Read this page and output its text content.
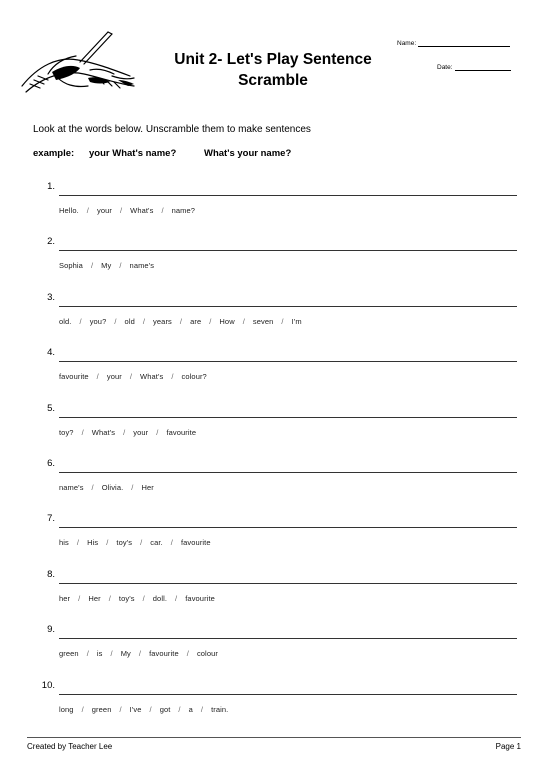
Unit 2- Let's Play Sentence Scramble
Name:
Date:
Look at the words below. Unscramble them to make sentences
example: your What's name?	What's your name?
1.
Hello. / your / What's / name?
2.
Sophia / My / name's
3.
old. / you? / old / years / are / How / seven / I'm
4.
favourite / your / What's / colour?
5.
toy? / What's / your / favourite
6.
name's / Olivia. / Her
7.
his / His / toy's / car. / favourite
8.
her / Her / toy's / doll. / favourite
9.
green / is / My / favourite / colour
10.
long / green / I've / got / a / train.
Created by Teacher Lee	Page 1
